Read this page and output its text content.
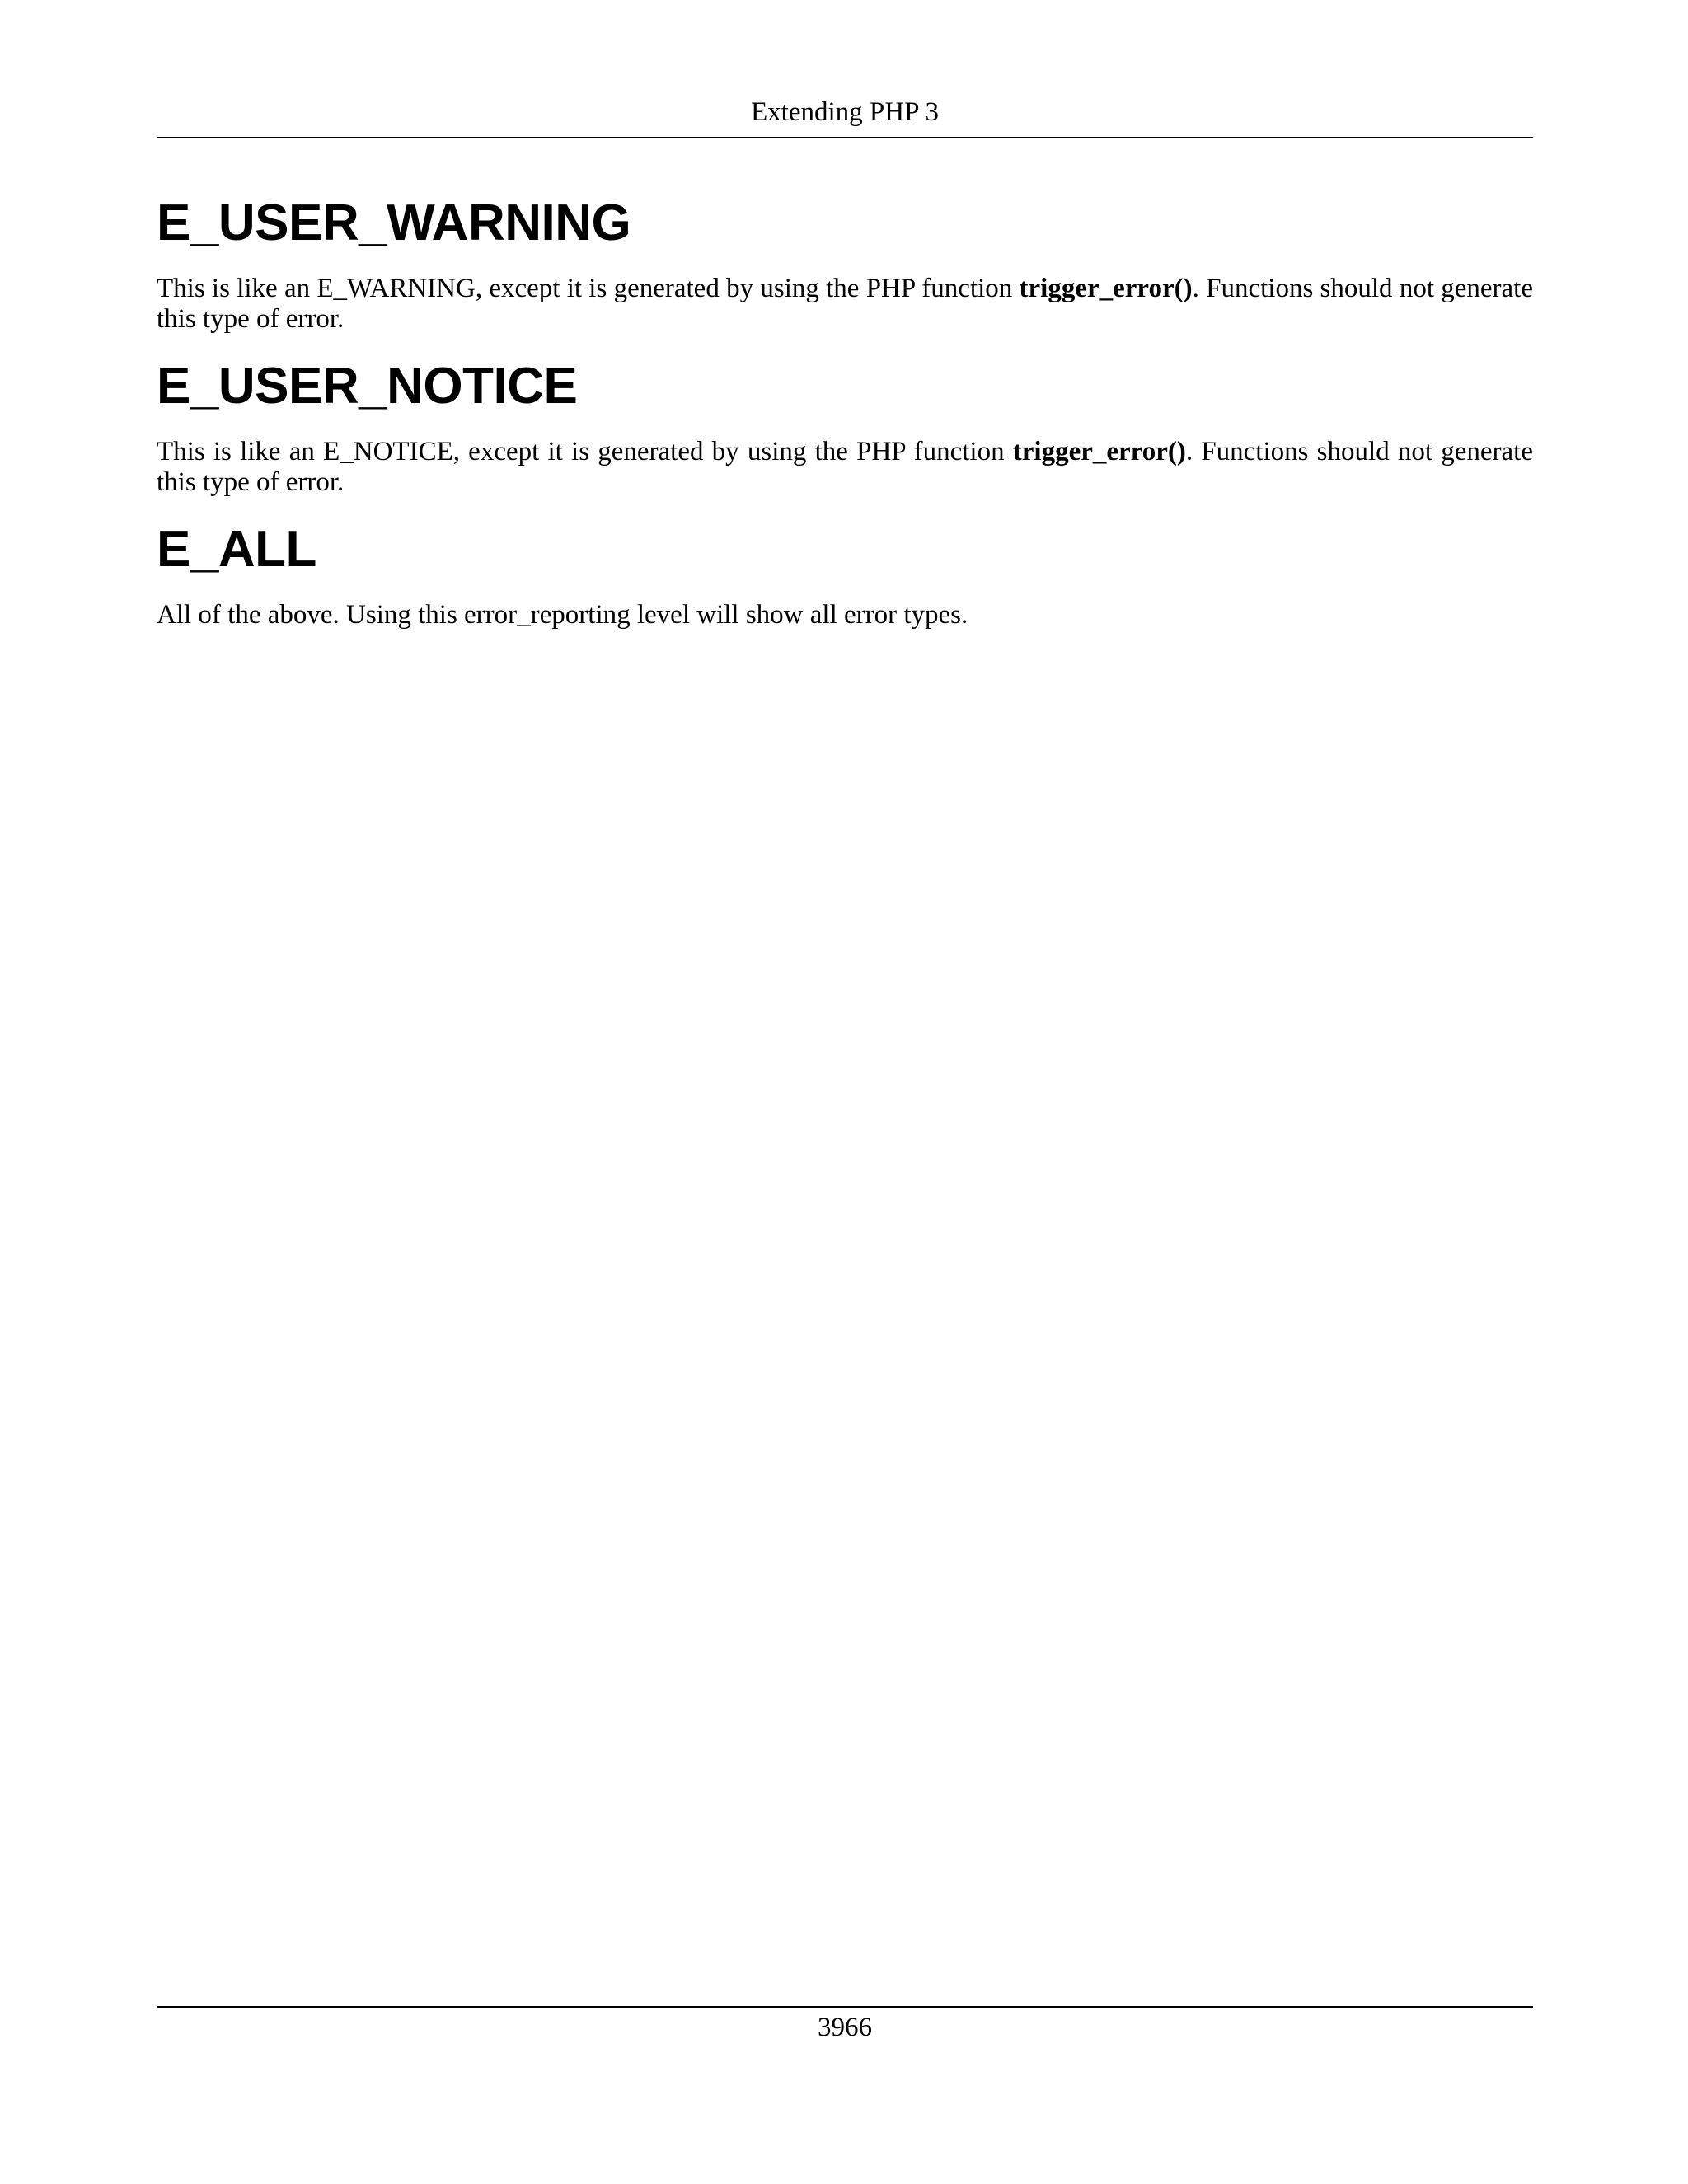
Extending PHP 3
E_USER_WARNING

This is like an E_WARNING, except it is generated by using the PHP function trigger_error(). Functions should not generate this type of error.

E_USER_NOTICE

This is like an E_NOTICE, except it is generated by using the PHP function trigger_error(). Functions should not generate this type of error.

E_ALL

All of the above. Using this error_reporting level will show all error types.

3966
